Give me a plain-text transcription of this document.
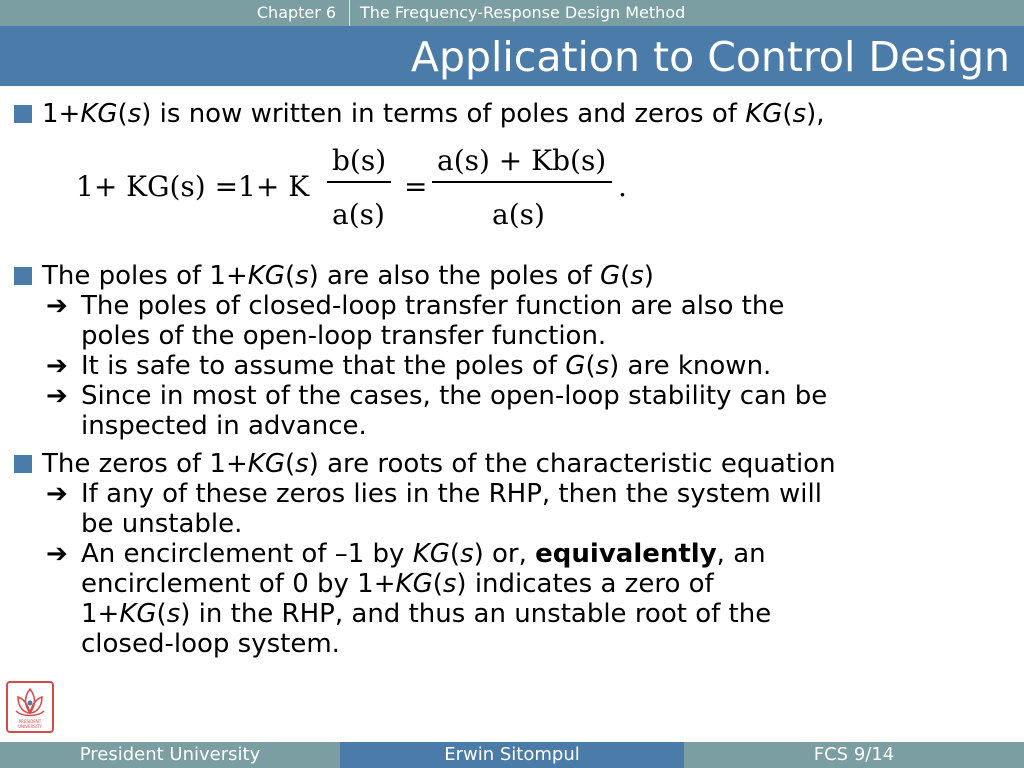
Chapter 6	The Frequency-Response Design Method
Application to Control Design
1+KG(s) is now written in terms of poles and zeros of KG(s),
1+ KG(s) =1+ K
b(s)
a(s)
=
a(s) + Kb(s)
a(s)
.
The poles of 1+KG(s) are also the poles of G(s)
➔ The poles of closed-loop transfer function are also the
poles of the open-loop transfer function.
➔ It is safe to assume that the poles of G(s) are known.
➔ Since in most of the cases, the open-loop stability can be
inspected in advance.
The zeros of 1+KG(s) are roots of the characteristic equation
➔ If any of these zeros lies in the RHP, then the system will
be unstable.
➔ An encirclement of –1 by KG(s) or, equivalently, an
encirclement of 0 by 1+KG(s) indicates a zero of
1+KG(s) in the RHP, and thus an unstable root of the
closed-loop system.
PRESIDENT
UNIVERSITY
President University	Erwin Sitompul	FCS 9/14
